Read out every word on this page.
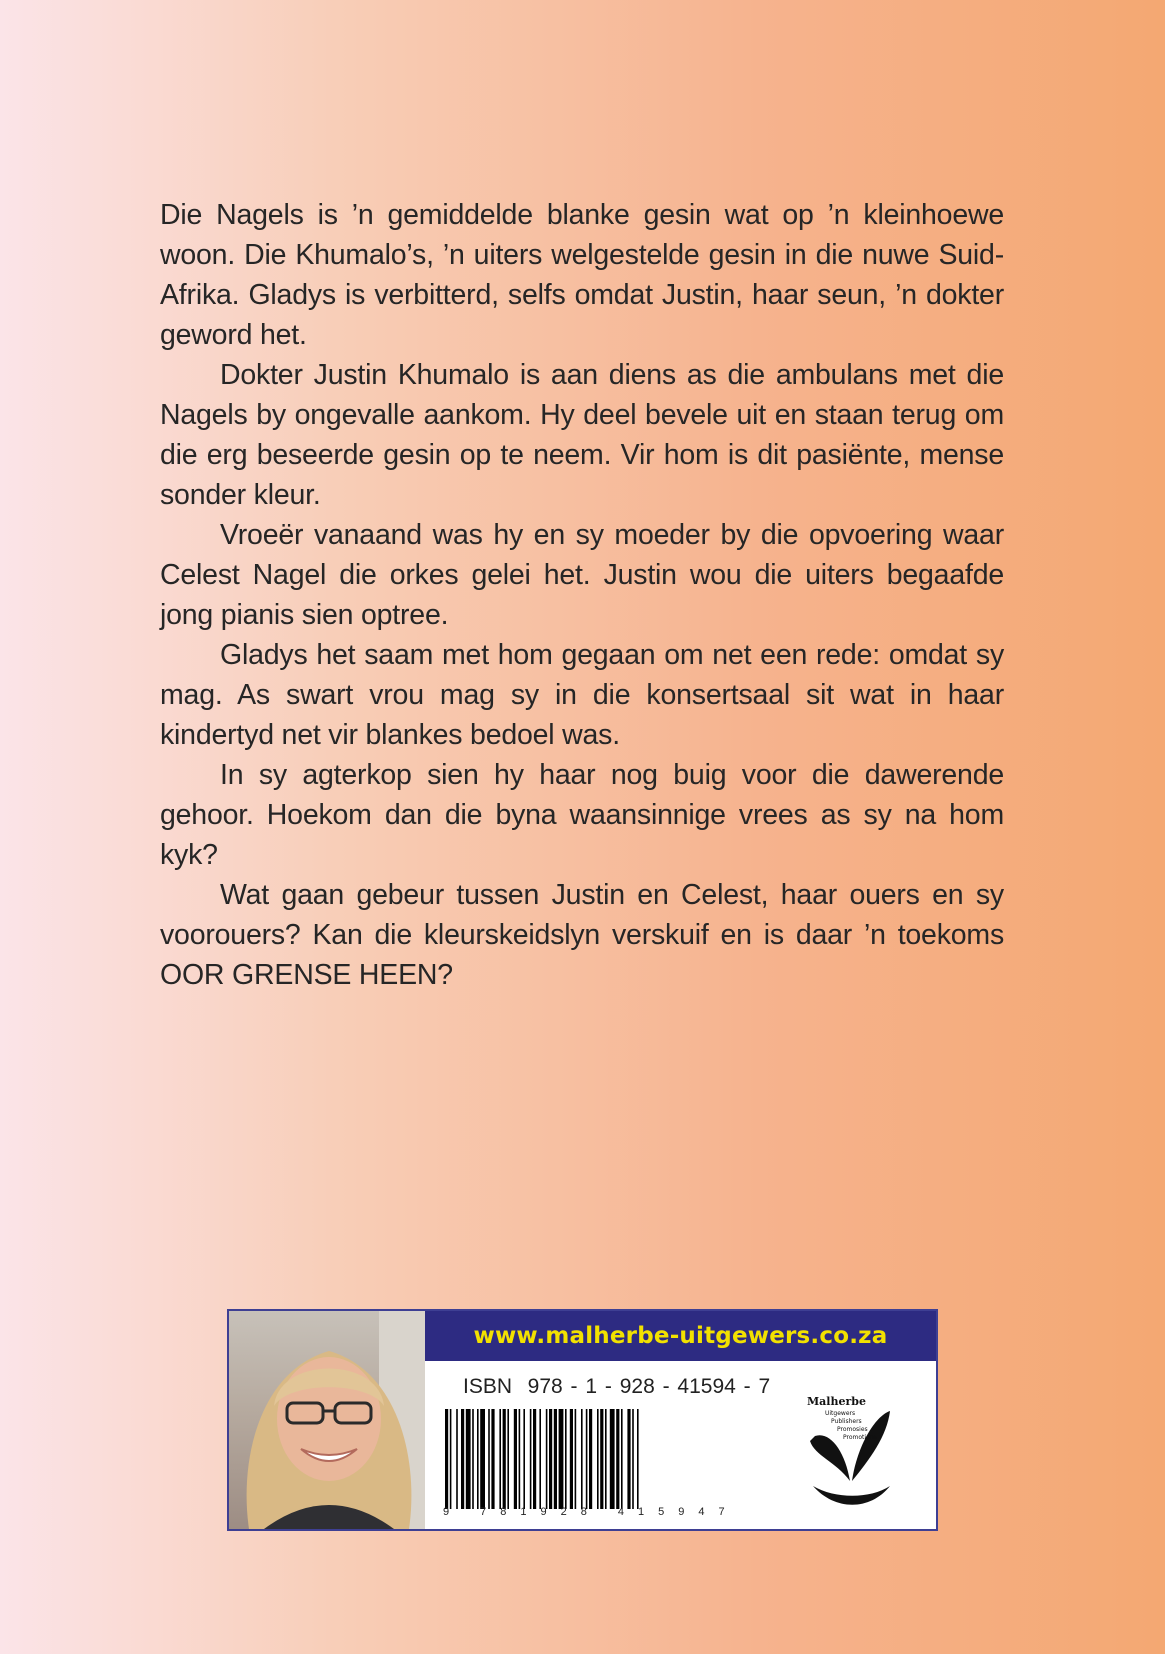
Die Nagels is ’n gemiddelde blanke gesin wat op ’n kleinhoewe woon. Die Khumalo’s, ’n uiters welgestelde gesin in die nuwe Suid-Afrika. Gladys is verbitterd, selfs omdat Justin, haar seun, ’n dokter geword het.

Dokter Justin Khumalo is aan diens as die ambulans met die Nagels by ongevalle aankom. Hy deel bevele uit en staan terug om die erg beseerde gesin op te neem. Vir hom is dit pasiënte, mense sonder kleur.

Vroeër vanaand was hy en sy moeder by die opvoering waar Celest Nagel die orkes gelei het. Justin wou die uiters begaafde jong pianis sien optree.

Gladys het saam met hom gegaan om net een rede: omdat sy mag. As swart vrou mag sy in die konsertsaal sit wat in haar kindertyd net vir blankes bedoel was.

In sy agterkop sien hy haar nog buig voor die dawerende gehoor. Hoekom dan die byna waansinnige vrees as sy na hom kyk?

Wat gaan gebeur tussen Justin en Celest, haar ouers en sy voorouers? Kan die kleurskeidslyn verskuif en is daar ’n toekoms OOR GRENSE HEEN?

www.malherbe-uitgewers.co.za
ISBN  978 - 1 - 928 - 41594 - 7
9 781928 415947
Malherbe
Uitgewers
Publishers
Promosies
Promotions
